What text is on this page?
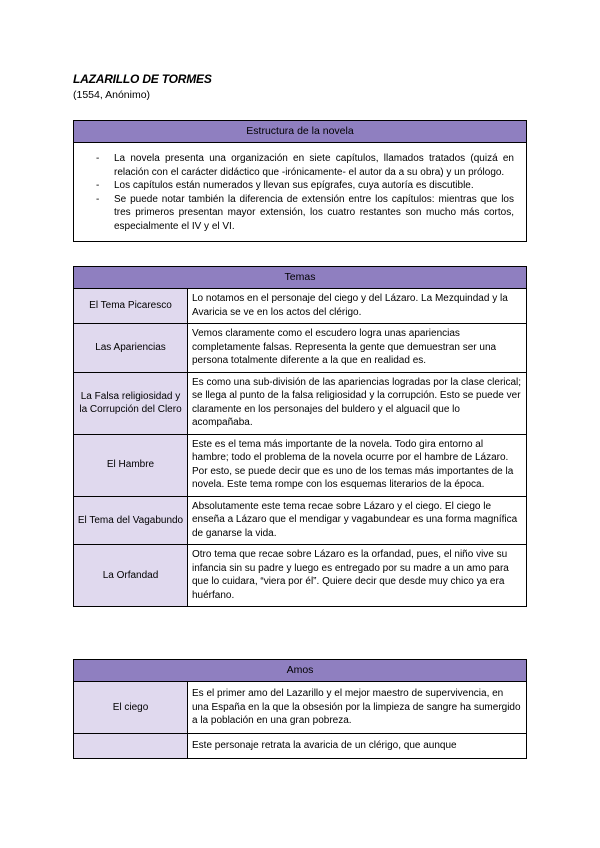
LAZARILLO DE TORMES
(1554, Anónimo)
Estructura de la novela

- La novela presenta una organización en siete capítulos, llamados tratados (quizá en relación con el carácter didáctico que -irónicamente- el autor da a su obra) y un prólogo.
- Los capítulos están numerados y llevan sus epígrafes, cuya autoría es discutible.
- Se puede notar también la diferencia de extensión entre los capítulos: mientras que los tres primeros presentan mayor extensión, los cuatro restantes son mucho más cortos, especialmente el IV y el VI.
Temas	
El Tema Picaresco	Lo notamos en el personaje del ciego y del Lázaro. La Mezquindad y la Avaricia se ve en los actos del clérigo.
Las Apariencias	Vemos claramente como el escudero logra unas apariencias completamente falsas. Representa la gente que demuestran ser una persona totalmente diferente a la que en realidad es.
La Falsa religiosidad y la Corrupción del Clero	Es como una sub-división de las apariencias logradas por la clase clerical; se llega al punto de la falsa religiosidad y la corrupción. Esto se puede ver claramente en los personajes del buldero y el alguacil que lo acompañaba.
El Hambre	Este es el tema más importante de la novela. Todo gira entorno al hambre; todo el problema de la novela ocurre por el hambre de Lázaro. Por esto, se puede decir que es uno de los temas más importantes de la novela. Este tema rompe con los esquemas literarios de la época.
El Tema del Vagabundo	Absolutamente este tema recae sobre Lázaro y el ciego. El ciego le enseña a Lázaro que el mendigar y vagabundear es una forma magnífica de ganarse la vida.
La Orfandad	Otro tema que recae sobre Lázaro es la orfandad, pues, el niño vive su infancia sin su padre y luego es entregado por su madre a un amo para que lo cuidara, “viera por él”. Quiere decir que desde muy chico ya era huérfano.
Amos	
El ciego	Es el primer amo del Lazarillo y el mejor maestro de supervivencia, en una España en la que la obsesión por la limpieza de sangre ha sumergido a la población en una gran pobreza.
	Este personaje retrata la avaricia de un clérigo, que aunque
